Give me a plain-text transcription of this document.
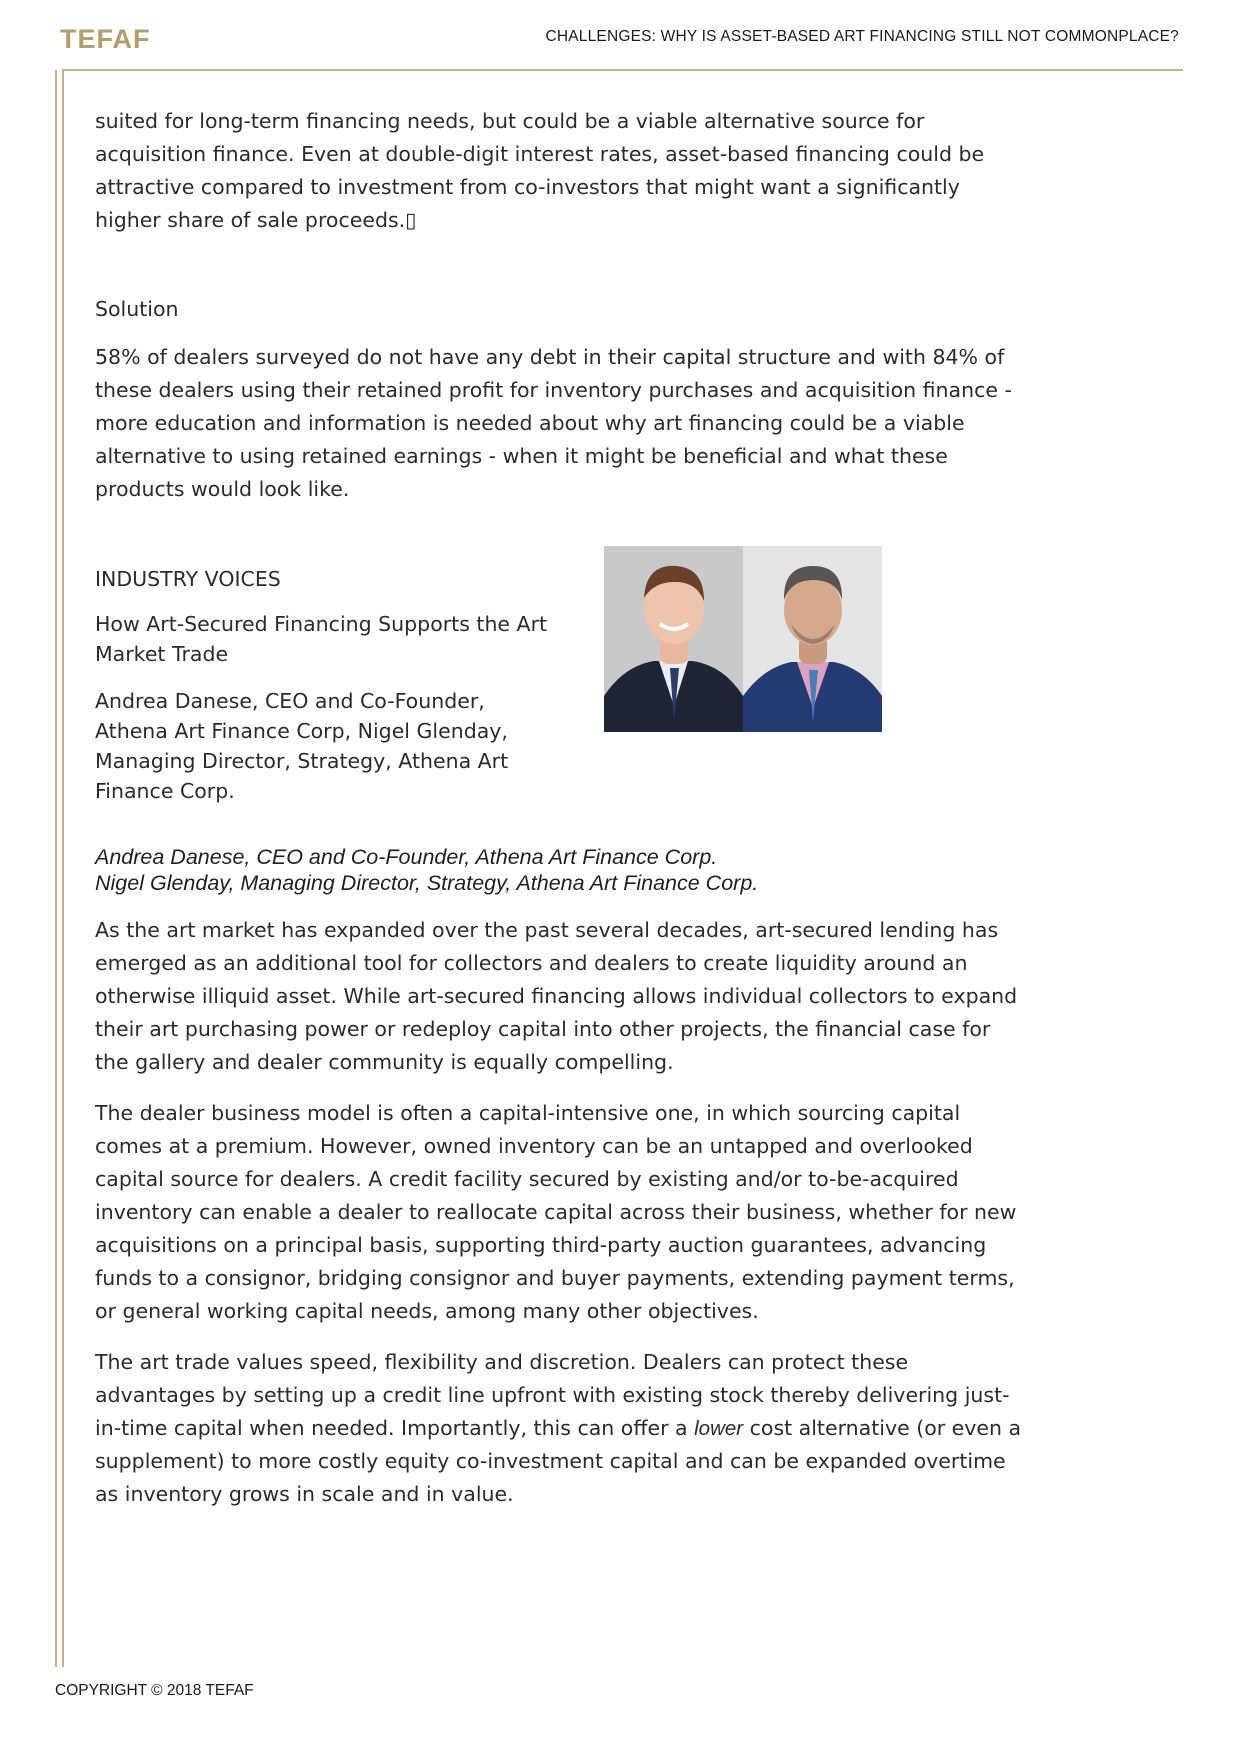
TEFAF	CHALLENGES: WHY IS ASSET-BASED ART FINANCING STILL NOT COMMONPLACE?

suited for long-term financing needs, but could be a viable alternative source for acquisition finance. Even at double-digit interest rates, asset-based financing could be attractive compared to investment from co-investors that might want a significantly higher share of sale proceeds.▯

Solution

58% of dealers surveyed do not have any debt in their capital structure and with 84% of these dealers using their retained profit for inventory purchases and acquisition finance - more education and information is needed about why art financing could be a viable alternative to using retained earnings - when it might be beneficial and what these products would look like.

INDUSTRY VOICES
How Art-Secured Financing Supports the Art Market Trade
Andrea Danese, CEO and Co-Founder, Athena Art Finance Corp, Nigel Glenday, Managing Director, Strategy, Athena Art Finance Corp.

As the art market has expanded over the past several decades, art-secured lending has emerged as an additional tool for collectors and dealers to create liquidity around an otherwise illiquid asset. While art-secured financing allows individual collectors to expand their art purchasing power or redeploy capital into other projects, the financial case for the gallery and dealer community is equally compelling.

The dealer business model is often a capital-intensive one, in which sourcing capital comes at a premium. However, owned inventory can be an untapped and overlooked capital source for dealers. A credit facility secured by existing and/or to-be-acquired inventory can enable a dealer to reallocate capital across their business, whether for new acquisitions on a principal basis, supporting third-party auction guarantees, advancing funds to a consignor, bridging consignor and buyer payments, extending payment terms, or general working capital needs, among many other objectives.

The art trade values speed, flexibility and discretion. Dealers can protect these advantages by setting up a credit line upfront with existing stock thereby delivering just-in-time capital when needed. Importantly, this can offer a lower cost alternative (or even a supplement) to more costly equity co-investment capital and can be expanded overtime as inventory grows in scale and in value.

Andrea Danese, CEO and Co-Founder, Athena Art Finance Corp.
Nigel Glenday, Managing Director, Strategy, Athena Art Finance Corp.
COPYRIGHT © 2018 TEFAF
